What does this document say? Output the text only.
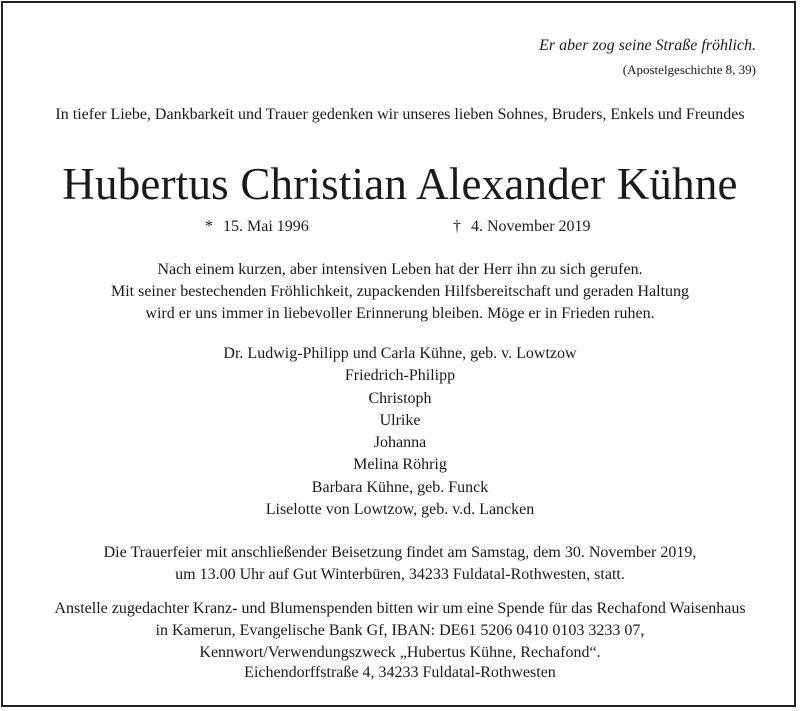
Er aber zog seine Straße fröhlich.
(Apostelgeschichte 8, 39)
In tiefer Liebe, Dankbarkeit und Trauer gedenken wir unseres lieben Sohnes, Bruders, Enkels und Freundes
Hubertus Christian Alexander Kühne
* 15. Mai 1996	† 4. November 2019
Nach einem kurzen, aber intensiven Leben hat der Herr ihn zu sich gerufen.
Mit seiner bestechenden Fröhlichkeit, zupackenden Hilfsbereitschaft und geraden Haltung
wird er uns immer in liebevoller Erinnerung bleiben. Möge er in Frieden ruhen.
Dr. Ludwig-Philipp und Carla Kühne, geb. v. Lowtzow
Friedrich-Philipp
Christoph
Ulrike
Johanna
Melina Röhrig
Barbara Kühne, geb. Funck
Liselotte von Lowtzow, geb. v.d. Lancken
Die Trauerfeier mit anschließender Beisetzung findet am Samstag, dem 30. November 2019,
um 13.00 Uhr auf Gut Winterbüren, 34233 Fuldatal-Rothwesten, statt.
Anstelle zugedachter Kranz- und Blumenspenden bitten wir um eine Spende für das Rechafond Waisenhaus
in Kamerun, Evangelische Bank Gf, IBAN: DE61 5206 0410 0103 3233 07,
Kennwort/Verwendungszweck „Hubertus Kühne, Rechafond“.
Eichendorffstraße 4, 34233 Fuldatal-Rothwesten
